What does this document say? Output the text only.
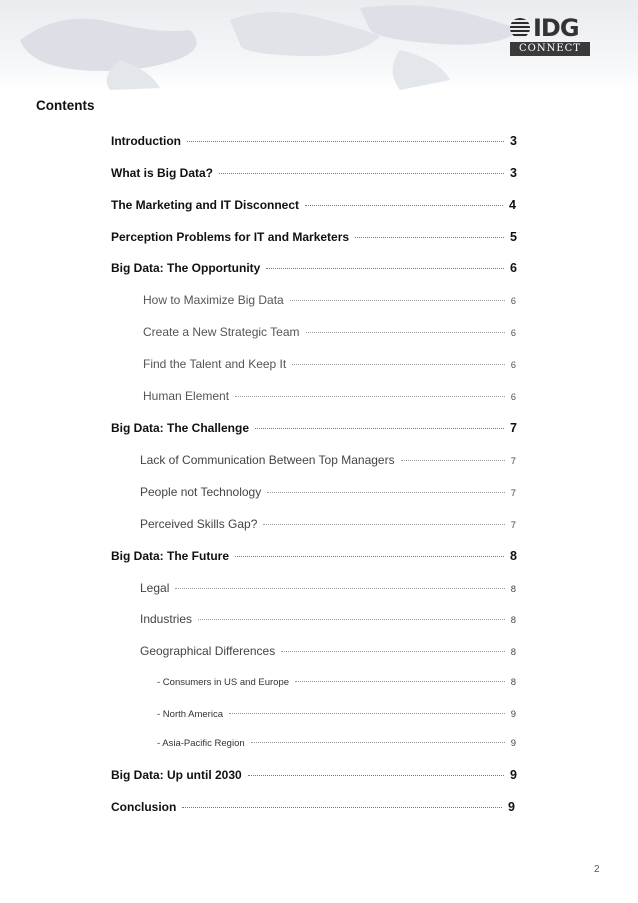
IDG
CONNECT
Contents
Introduction	3
What is Big Data?	3
The Marketing and IT Disconnect	4
Perception Problems for IT and Marketers	5
Big Data: The Opportunity	6
How to Maximize Big Data	6
Create a New Strategic Team	6
Find the Talent and Keep It	6
Human Element	6
Big Data: The Challenge	7
Lack of Communication Between Top Managers	7
People not Technology	7
Perceived Skills Gap?	7
Big Data: The Future	8
Legal	8
Industries	8
Geographical Differences	8
- Consumers in US and Europe	8
- North America	9
- Asia-Pacific Region	9
Big Data: Up until 2030	9
Conclusion	9
2
